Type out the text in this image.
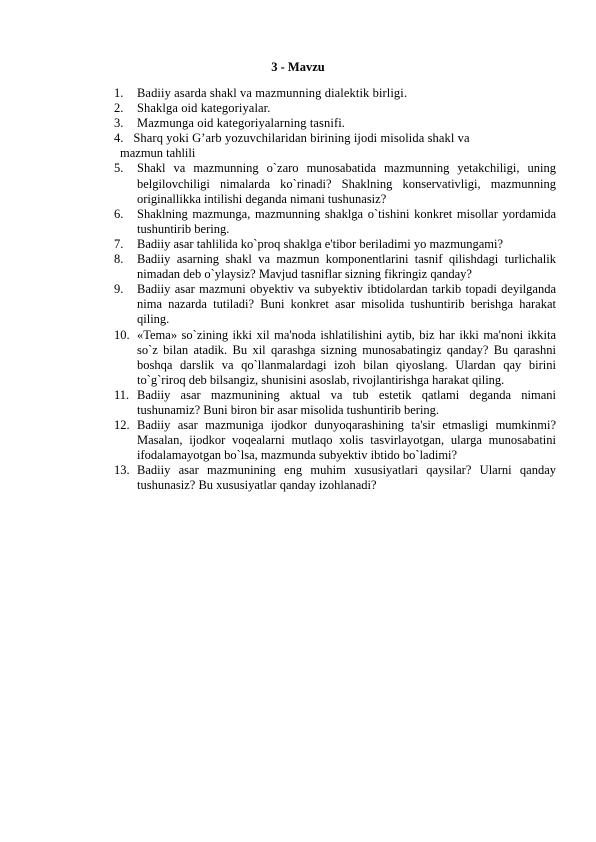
3 - Mavzu
1. Badiiy asarda shakl va mazmunning dialektik birligi.
2. Shaklga oid kategoriyalar.
3. Mazmunga oid kategoriyalarning tasnifi.
4. Sharq yoki G’arb yozuvchilaridan birining ijodi misolida shakl va
mazmun tahlili
5. Shakl va mazmunning o`zaro munosabatida mazmunning yetakchiligi, uning belgilovchiligi nimalarda ko`rinadi? Shaklning konservativligi, mazmunning originallikka intilishi deganda nimani tushunasiz?
6. Shaklning mazmunga, mazmunning shaklga o`tishini konkret misollar yordamida tushuntirib bering.
7. Badiiy asar tahlilida ko`proq shaklga e'tibor beriladimi yo mazmungami?
8. Badiiy asarning shakl va mazmun komponentlarini tasnif qilishdagi turlichalik nimadan deb o`ylaysiz? Mavjud tasniflar sizning fikringiz qanday?
9. Badiiy asar mazmuni obyektiv va subyektiv ibtidolardan tarkib topadi deyilganda nima nazarda tutiladi? Buni konkret asar misolida tushuntirib berishga harakat qiling.
10. «Tema» so`zining ikki xil ma'noda ishlatilishini aytib, biz har ikki ma'noni ikkita so`z bilan atadik. Bu xil qarashga sizning munosabatingiz qanday? Bu qarashni boshqa darslik va qo`llanmalardagi izoh bilan qiyoslang. Ulardan qay birini to`g`riroq deb bilsangiz, shunisini asoslab, rivojlantirishga harakat qiling.
11. Badiiy asar mazmunining aktual va tub estetik qatlami deganda nimani tushunamiz? Buni biron bir asar misolida tushuntirib bering.
12. Badiiy asar mazmuniga ijodkor dunyoqarashining ta'sir etmasligi mumkinmi? Masalan, ijodkor voqealarni mutlaqo xolis tasvirlayotgan, ularga munosabatini ifodalamayotgan bo`lsa, mazmunda subyektiv ibtido bo`ladimi?
13. Badiiy asar mazmunining eng muhim xususiyatlari qaysilar? Ularni qanday tushunasiz? Bu xususiyatlar qanday izohlanadi?
